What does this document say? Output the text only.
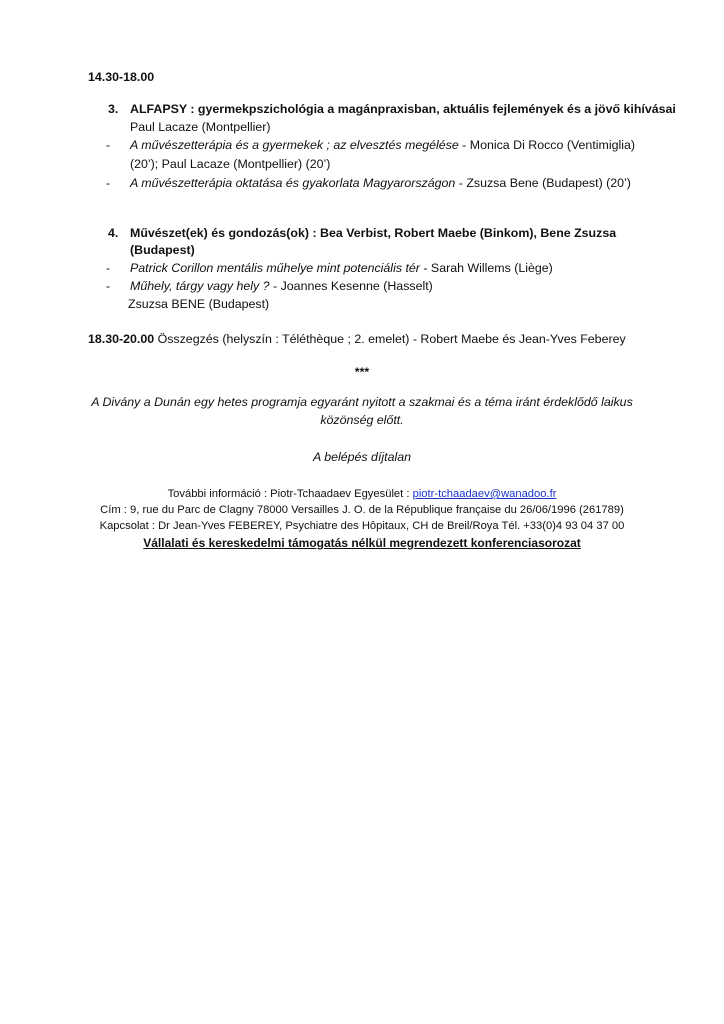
14.30-18.00
3. ALFAPSY : gyermekpszichológia a magánpraxisban, aktuális fejlemények és a jövő kihívásai
Paul Lacaze (Montpellier)
- A művészetterápia és a gyermekek ; az elvesztés megélése - Monica Di Rocco (Ventimiglia)
(20’); Paul Lacaze (Montpellier) (20’)
- A művészetterápia oktatása és gyakorlata Magyarországon - Zsuzsa Bene (Budapest) (20’)
4. Művészet(ek) és gondozás(ok) : Bea Verbist, Robert Maebe (Binkom), Bene Zsuzsa
(Budapest)
- Patrick Corillon mentális műhelye mint potenciális tér - Sarah Willems (Liège)
- Műhely, tárgy vagy hely ? - Joannes Kesenne (Hasselt)
Zsuzsa BENE (Budapest)
18.30-20.00 Összegzés (helyszín : Téléthèque ; 2. emelet) - Robert Maebe és Jean-Yves Feberey
***
A Divány a Dunán egy hetes programja egyaránt nyitott a szakmai és a téma iránt érdeklődő laikus
közönség előtt.
A belépés díjtalan
További információ : Piotr-Tchaadaev Egyesület : piotr-tchaadaev@wanadoo.fr
Cím : 9, rue du Parc de Clagny 78000 Versailles J. O. de la République française du 26/06/1996 (261789)
Kapcsolat : Dr Jean-Yves FEBEREY, Psychiatre des Hôpitaux, CH de Breil/Roya Tél. +33(0)4 93 04 37 00
Vállalati és kereskedelmi támogatás nélkül megrendezett konferenciasorozat
